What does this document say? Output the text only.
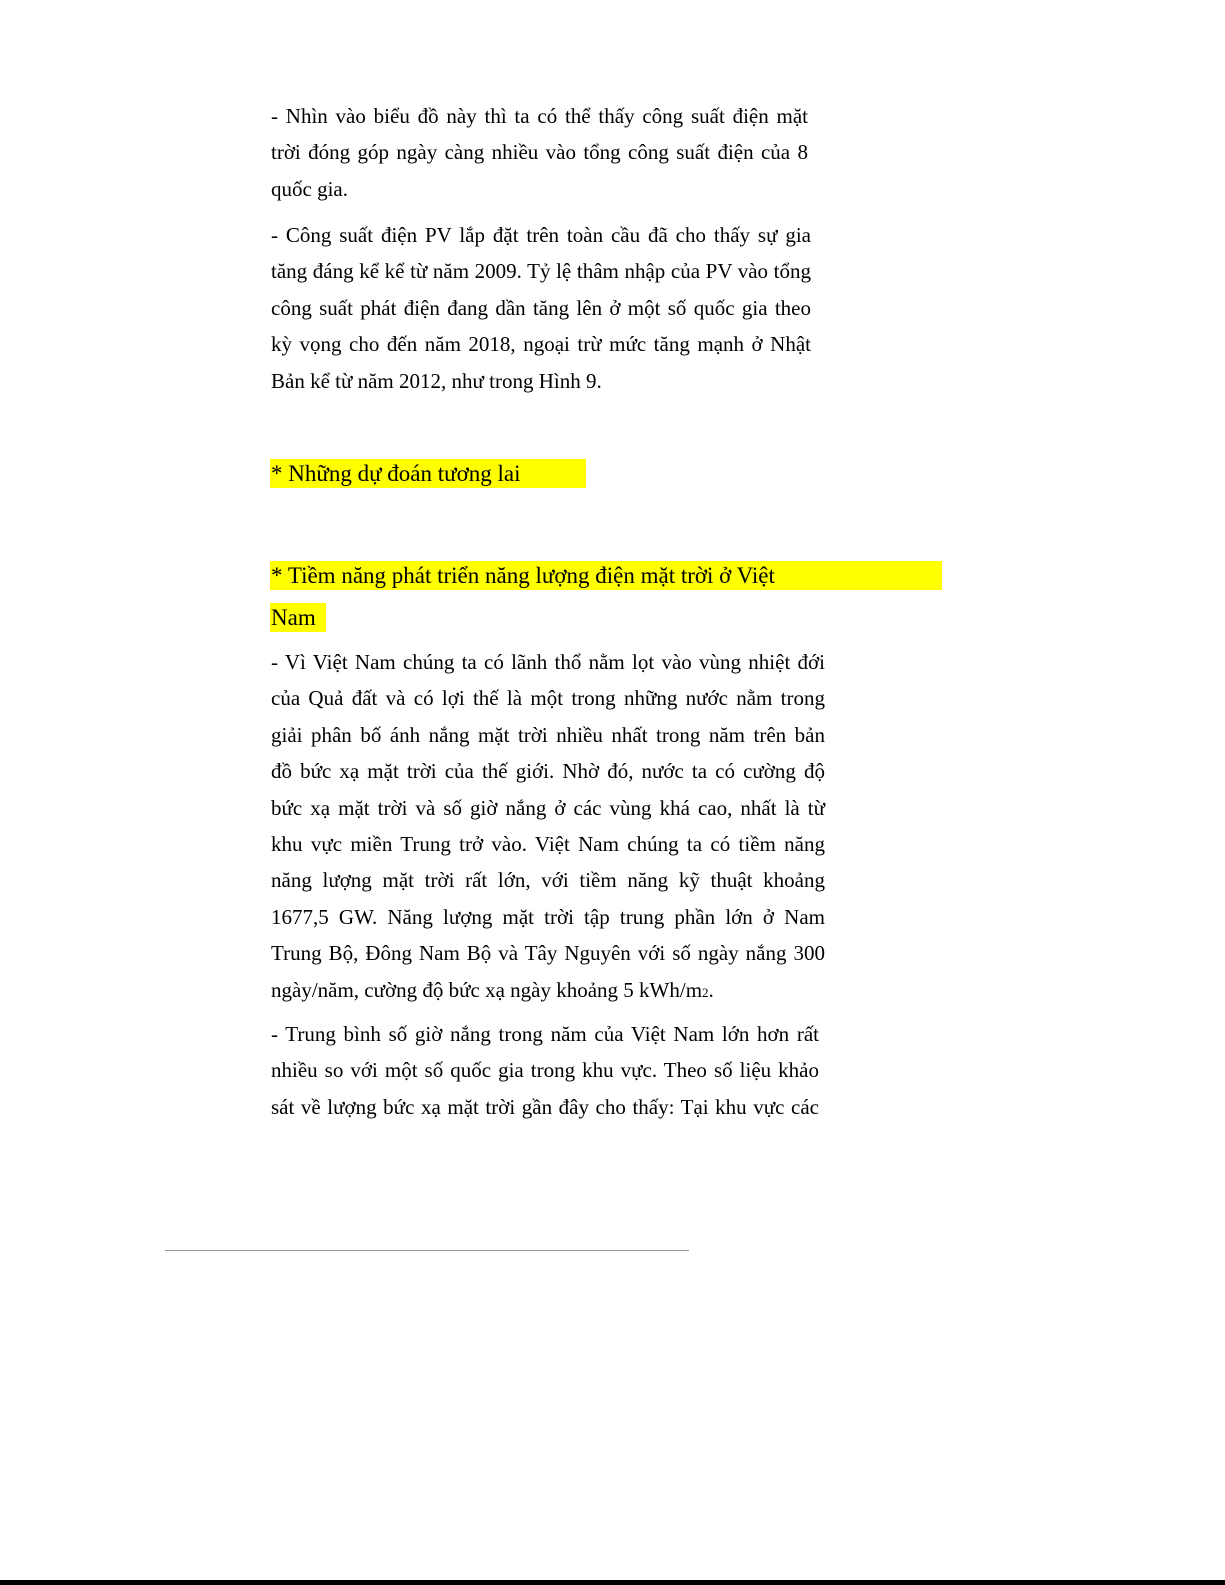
- Nhìn vào biểu đồ này thì ta có thể thấy công suất điện mặt
trời đóng góp ngày càng nhiều vào tổng công suất điện của 8
quốc gia.

- Công suất điện PV lắp đặt trên toàn cầu đã cho thấy sự gia
tăng đáng kể kể từ năm 2009. Tỷ lệ thâm nhập của PV vào tổng
công suất phát điện đang dần tăng lên ở một số quốc gia theo
kỳ vọng cho đến năm 2018, ngoại trừ mức tăng mạnh ở Nhật
Bản kể từ năm 2012, như trong Hình 9.

* Những dự đoán tương lai
* Tiềm năng phát triển năng lượng điện mặt trời ở Việt
Nam

- Vì Việt Nam chúng ta có lãnh thổ nằm lọt vào vùng nhiệt đới
của Quả đất và có lợi thế là một trong những nước nằm trong
giải phân bố ánh nắng mặt trời nhiều nhất trong năm trên bản
đồ bức xạ mặt trời của thế giới. Nhờ đó, nước ta có cường độ
bức xạ mặt trời và số giờ nắng ở các vùng khá cao, nhất là từ
khu vực miền Trung trở vào. Việt Nam chúng ta có tiềm năng
năng lượng mặt trời rất lớn, với tiềm năng kỹ thuật khoảng
1677,5 GW. Năng lượng mặt trời tập trung phần lớn ở Nam
Trung Bộ, Đông Nam Bộ và Tây Nguyên với số ngày nắng 300
ngày/năm, cường độ bức xạ ngày khoảng 5 kWh/m2.

- Trung bình số giờ nắng trong năm của Việt Nam lớn hơn rất
nhiều so với một số quốc gia trong khu vực. Theo số liệu khảo
sát về lượng bức xạ mặt trời gần đây cho thấy: Tại khu vực các
